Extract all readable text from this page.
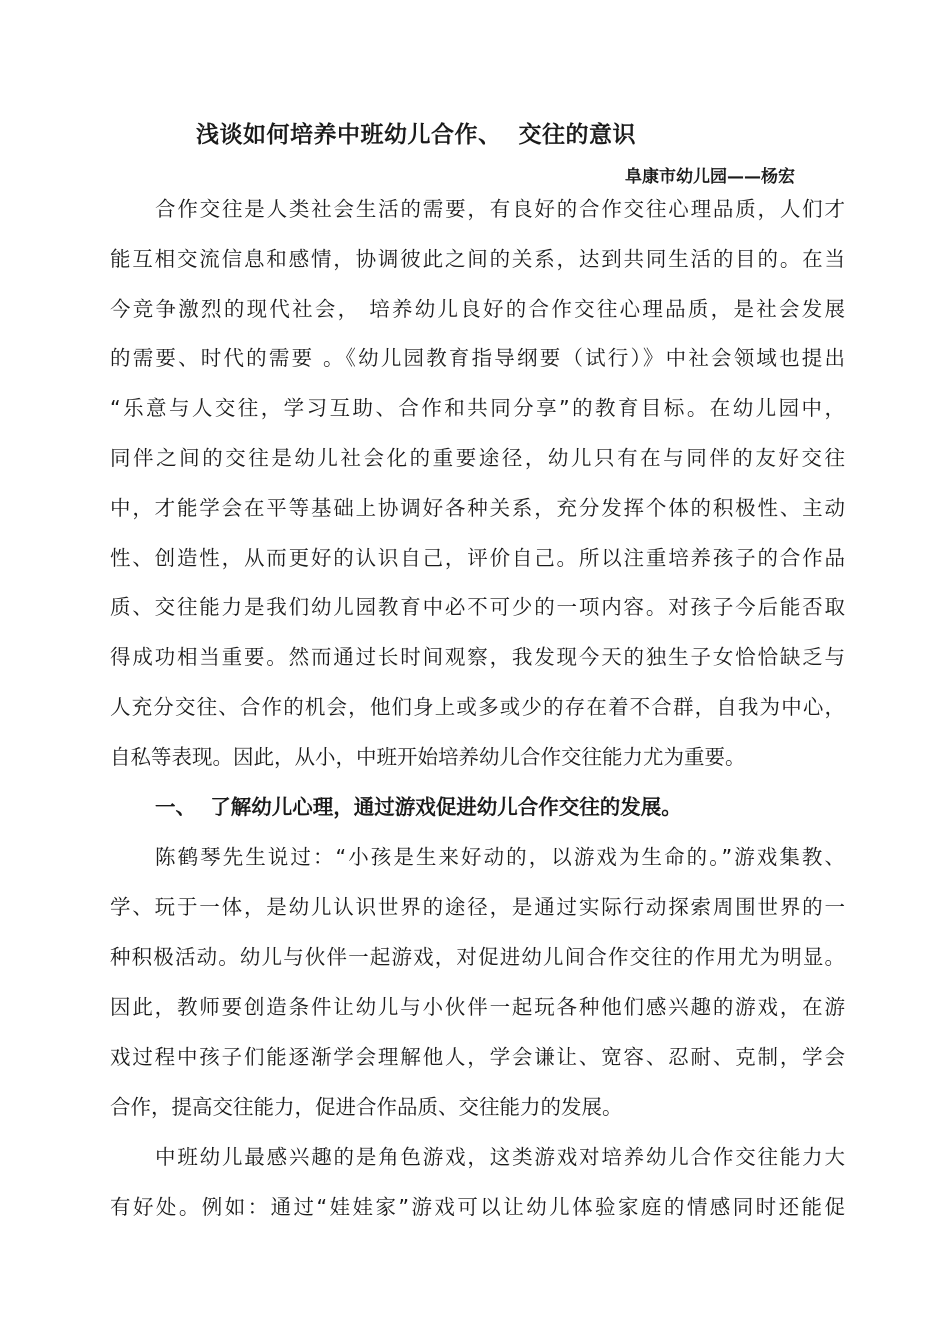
浅谈如何培养中班幼儿合作、  交往的意识
阜康市幼儿园——杨宏
合作交往是人类社会生活的需要，有良好的合作交往心理品质，人们才
能互相交流信息和感情，协调彼此之间的关系，达到共同生活的目的。在当
今竞争激烈的现代社会， 培养幼儿良好的合作交往心理品质，是社会发展
的需要、时代的需要 。《幼儿园教育指导纲要（试行）》中社会领域也提出
“乐意与人交往，学习互助、合作和共同分享”的教育目标。在幼儿园中，
同伴之间的交往是幼儿社会化的重要途径，幼儿只有在与同伴的友好交往
中，才能学会在平等基础上协调好各种关系，充分发挥个体的积极性、主动
性、创造性，从而更好的认识自己，评价自己。所以注重培养孩子的合作品
质、交往能力是我们幼儿园教育中必不可少的一项内容。对孩子今后能否取
得成功相当重要。然而通过长时间观察，我发现今天的独生子女恰恰缺乏与
人充分交往、合作的机会，他们身上或多或少的存在着不合群，自我为中心，
自私等表现。因此，从小，中班开始培养幼儿合作交往能力尤为重要。
一、  了解幼儿心理，通过游戏促进幼儿合作交往的发展。
陈鹤琴先生说过：“小孩是生来好动的，以游戏为生命的。”游戏集教、
学、玩于一体，是幼儿认识世界的途径，是通过实际行动探索周围世界的一
种积极活动。幼儿与伙伴一起游戏，对促进幼儿间合作交往的作用尤为明显。
因此，教师要创造条件让幼儿与小伙伴一起玩各种他们感兴趣的游戏，在游
戏过程中孩子们能逐渐学会理解他人，学会谦让、宽容、忍耐、克制，学会
合作，提高交往能力，促进合作品质、交往能力的发展。
中班幼儿最感兴趣的是角色游戏，这类游戏对培养幼儿合作交往能力大
有好处。例如：通过“娃娃家”游戏可以让幼儿体验家庭的情感同时还能促
